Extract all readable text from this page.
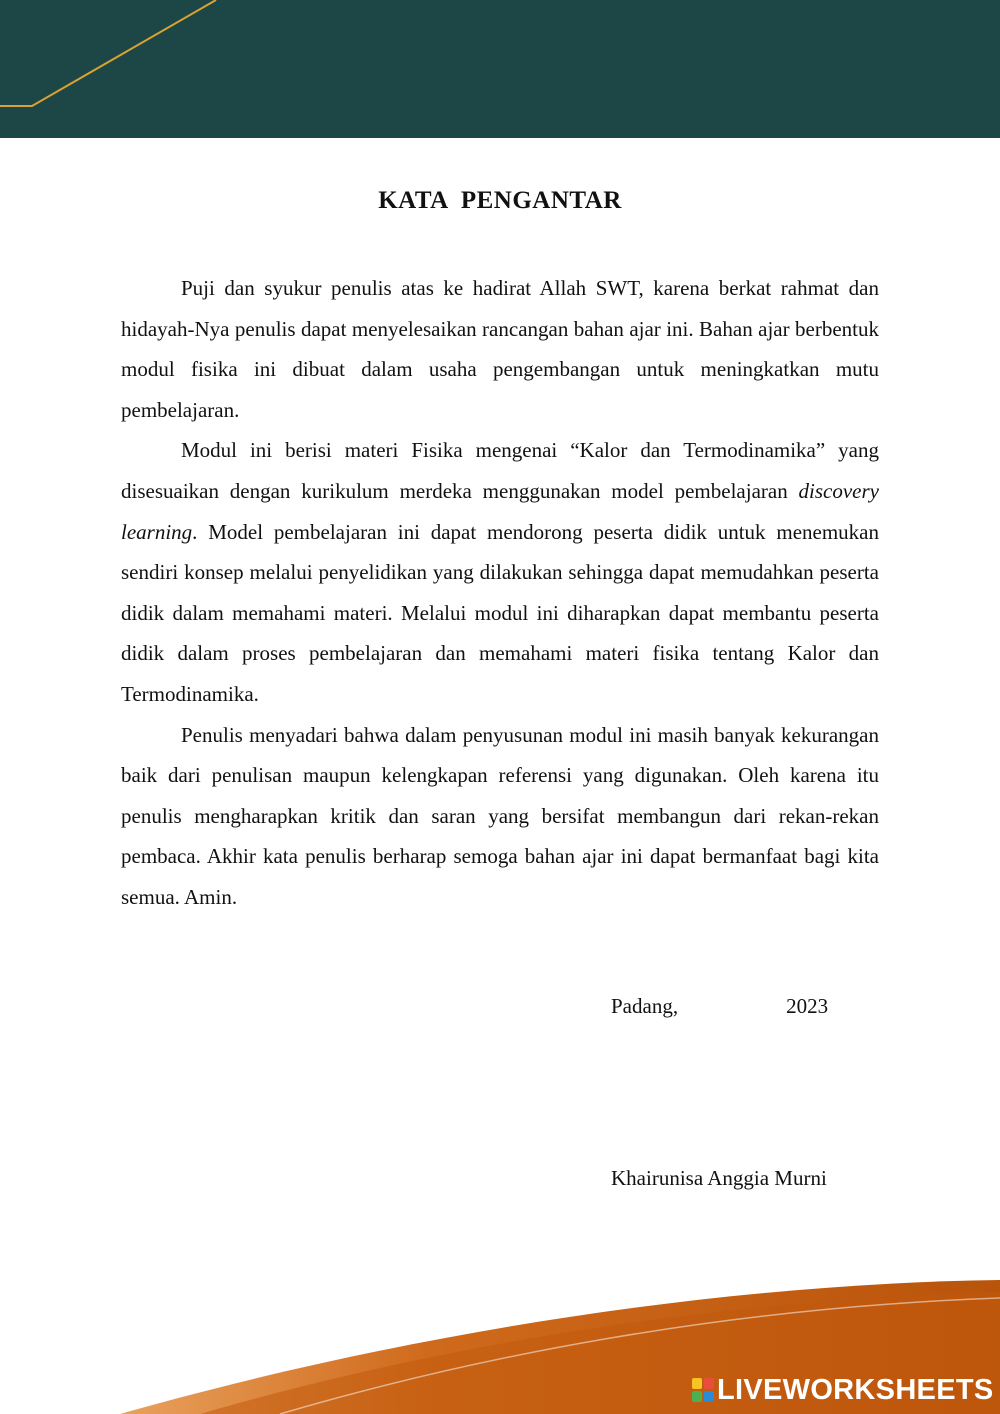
KATA  PENGANTAR

Puji dan syukur penulis atas ke hadirat Allah SWT, karena berkat rahmat dan hidayah-Nya penulis dapat menyelesaikan rancangan bahan ajar ini. Bahan ajar berbentuk modul fisika ini dibuat dalam usaha pengembangan untuk meningkatkan mutu pembelajaran.

Modul ini berisi materi Fisika mengenai “Kalor dan Termodinamika” yang disesuaikan dengan kurikulum merdeka menggunakan model pembelajaran discovery learning. Model pembelajaran ini dapat mendorong peserta didik untuk menemukan sendiri konsep melalui penyelidikan yang dilakukan sehingga dapat memudahkan peserta didik dalam memahami materi. Melalui modul ini diharapkan dapat membantu peserta didik dalam proses pembelajaran dan memahami materi fisika tentang Kalor dan Termodinamika.

Penulis menyadari bahwa dalam penyusunan modul ini masih banyak kekurangan baik dari penulisan maupun kelengkapan referensi yang digunakan. Oleh karena itu penulis mengharapkan kritik dan saran yang bersifat membangun dari rekan-rekan pembaca. Akhir kata penulis berharap semoga bahan ajar ini dapat bermanfaat bagi kita semua. Amin.

Padang,	2023
Khairunisa Anggia Murni
LIVEWORKSHEETS
